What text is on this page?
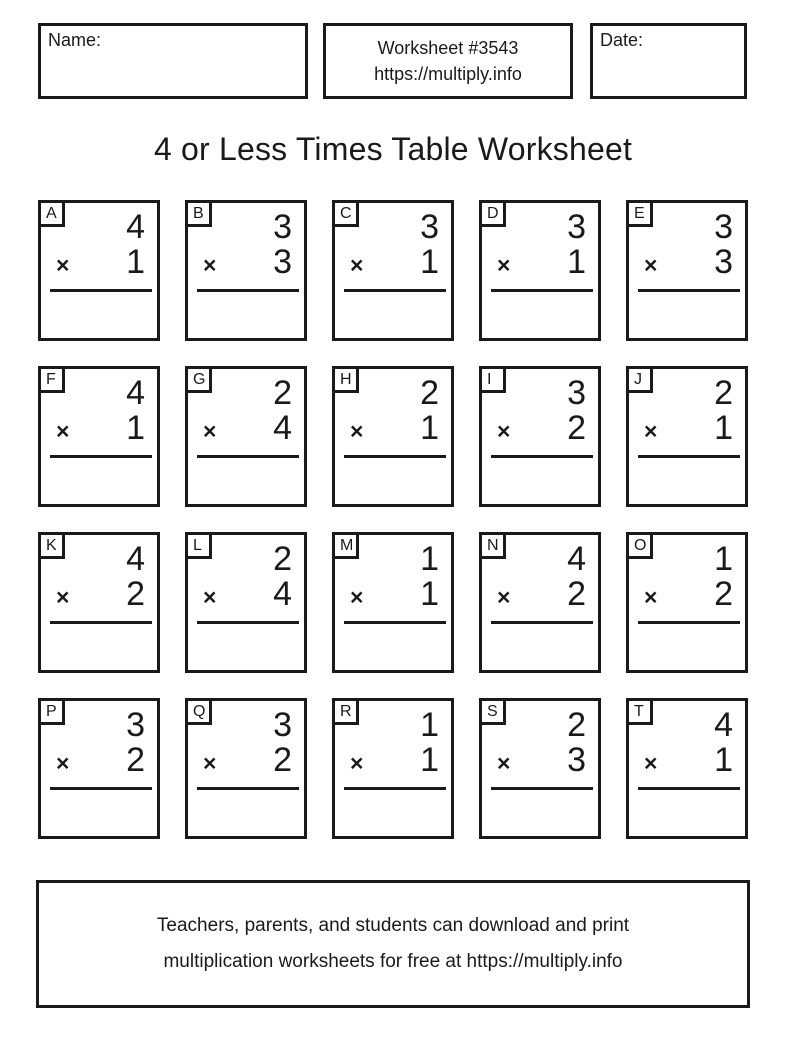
Name:	Worksheet #3543
https://multiply.info
Date:
4 or Less Times Table Worksheet
A	4
× 1
B	3
× 3
C	3
× 1
D	3
× 1
E	3
× 3
F	4
× 1
G	2
× 4
H	2
× 1
I	3
× 2
J	2
× 1
K	4
× 2
L	2
× 4
M	1
× 1
N	4
× 2
O	1
× 2
P	3
× 2
Q	3
× 2
R	1
× 1
S	2
× 3
T	4
× 1
Teachers, parents, and students can download and print
multiplication worksheets for free at https://multiply.info
